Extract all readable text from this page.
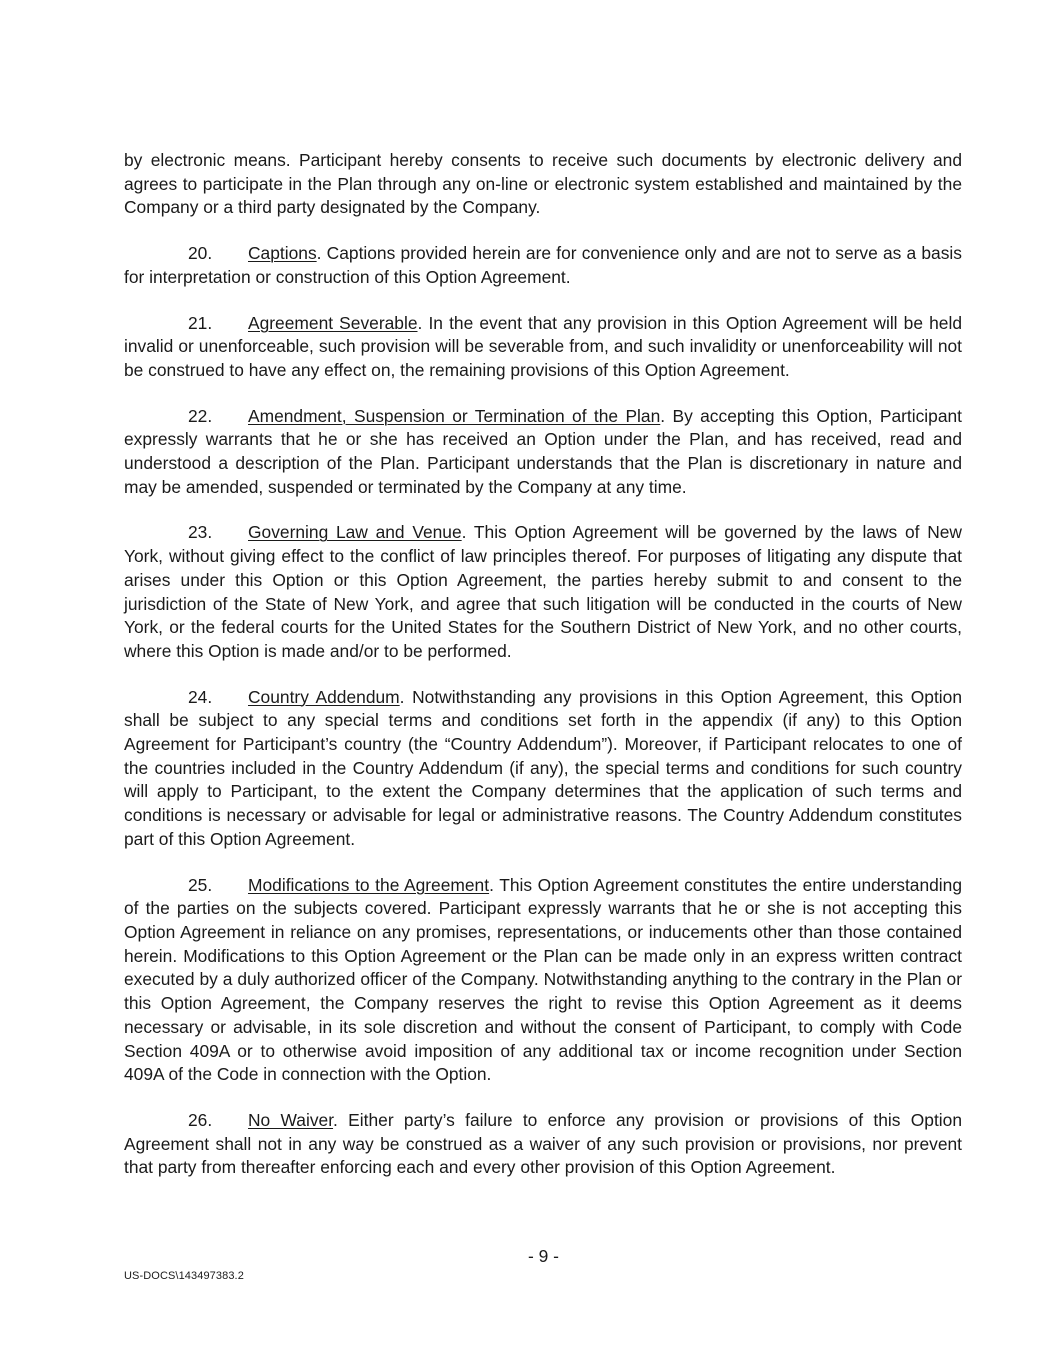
by electronic means. Participant hereby consents to receive such documents by electronic delivery and agrees to participate in the Plan through any on-line or electronic system established and maintained by the Company or a third party designated by the Company.

20. Captions. Captions provided herein are for convenience only and are not to serve as a basis for interpretation or construction of this Option Agreement.

21. Agreement Severable. In the event that any provision in this Option Agreement will be held invalid or unenforceable, such provision will be severable from, and such invalidity or unenforceability will not be construed to have any effect on, the remaining provisions of this Option Agreement.

22. Amendment, Suspension or Termination of the Plan. By accepting this Option, Participant expressly warrants that he or she has received an Option under the Plan, and has received, read and understood a description of the Plan. Participant understands that the Plan is discretionary in nature and may be amended, suspended or terminated by the Company at any time.

23. Governing Law and Venue. This Option Agreement will be governed by the laws of New York, without giving effect to the conflict of law principles thereof. For purposes of litigating any dispute that arises under this Option or this Option Agreement, the parties hereby submit to and consent to the jurisdiction of the State of New York, and agree that such litigation will be conducted in the courts of New York, or the federal courts for the United States for the Southern District of New York, and no other courts, where this Option is made and/or to be performed.

24. Country Addendum. Notwithstanding any provisions in this Option Agreement, this Option shall be subject to any special terms and conditions set forth in the appendix (if any) to this Option Agreement for Participant’s country (the “Country Addendum”). Moreover, if Participant relocates to one of the countries included in the Country Addendum (if any), the special terms and conditions for such country will apply to Participant, to the extent the Company determines that the application of such terms and conditions is necessary or advisable for legal or administrative reasons. The Country Addendum constitutes part of this Option Agreement.

25. Modifications to the Agreement. This Option Agreement constitutes the entire understanding of the parties on the subjects covered. Participant expressly warrants that he or she is not accepting this Option Agreement in reliance on any promises, representations, or inducements other than those contained herein. Modifications to this Option Agreement or the Plan can be made only in an express written contract executed by a duly authorized officer of the Company. Notwithstanding anything to the contrary in the Plan or this Option Agreement, the Company reserves the right to revise this Option Agreement as it deems necessary or advisable, in its sole discretion and without the consent of Participant, to comply with Code Section 409A or to otherwise avoid imposition of any additional tax or income recognition under Section 409A of the Code in connection with the Option.

26. No Waiver. Either party’s failure to enforce any provision or provisions of this Option Agreement shall not in any way be construed as a waiver of any such provision or provisions, nor prevent that party from thereafter enforcing each and every other provision of this Option Agreement.

- 9 -
US-DOCS\143497383.2
